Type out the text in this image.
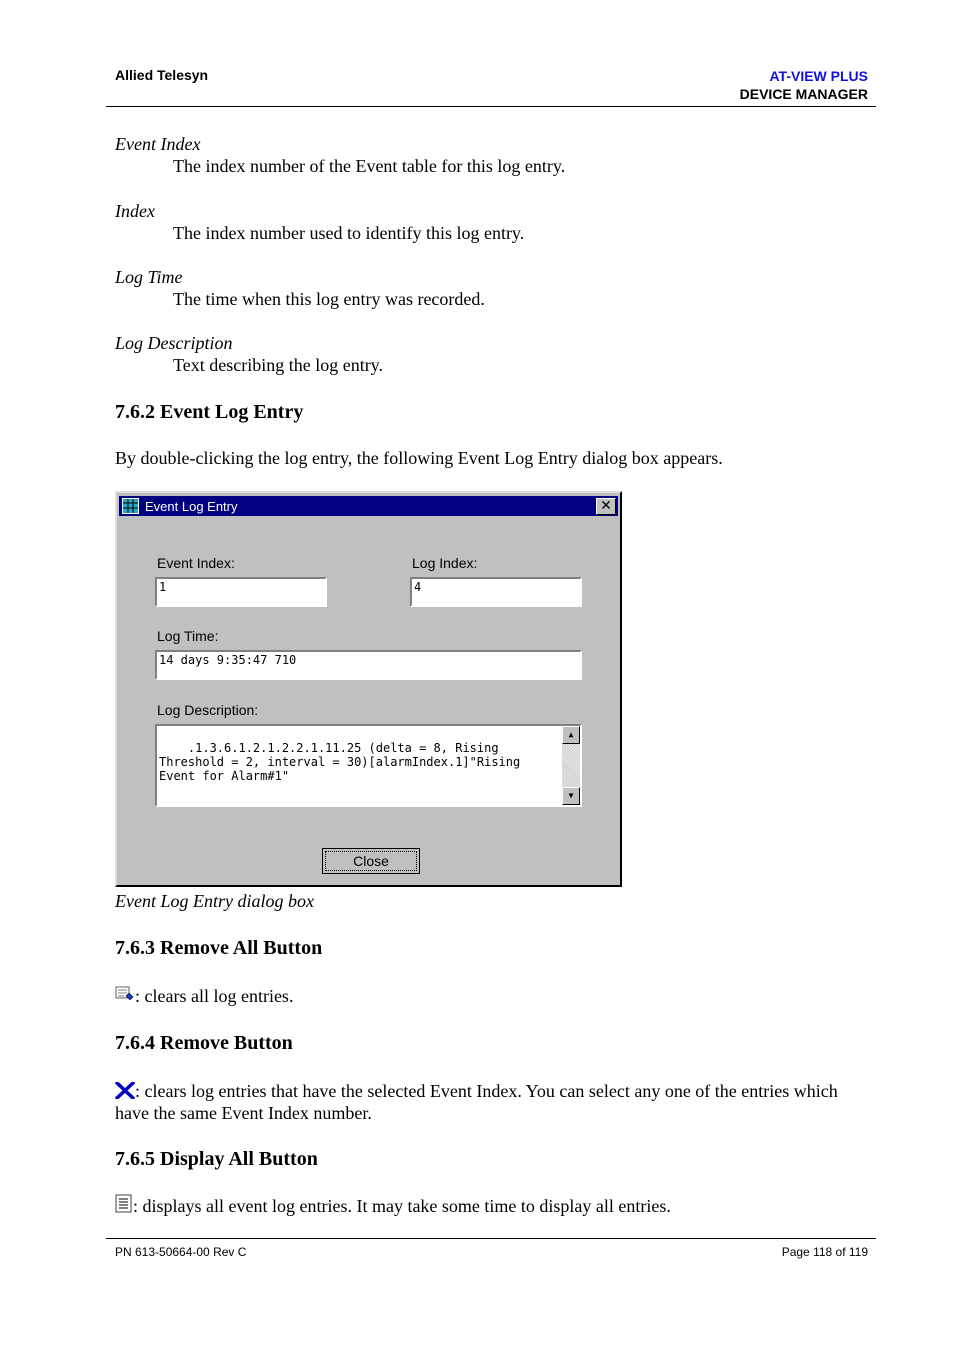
Allied Telesyn	AT-VIEW PLUS
DEVICE MANAGER
Event Index
The index number of the Event table for this log entry.
Index
The index number used to identify this log entry.
Log Time
The time when this log entry was recorded.
Log Description
Text describing the log entry.
7.6.2 Event Log Entry
By double-clicking the log entry, the following Event Log Entry dialog box appears.
Event Log Entry	✕
Event Index:
1
Log Index:
4
Log Time:
14 days 9:35:47 710
Log Description:

.1.3.6.1.2.1.2.2.1.11.25 (delta = 8, Rising Threshold = 2, interval = 30)[alarmIndex.1]"Rising Event for Alarm#1"

▲

▼

Close
Event Log Entry dialog box
7.6.3 Remove All Button
: clears all log entries.
7.6.4 Remove Button
: clears log entries that have the selected Event Index. You can select any one of the entries which have the same Event Index number.
7.6.5 Display All Button
: displays all event log entries. It may take some time to display all entries.
PN 613-50664-00 Rev C	Page 118 of 119
